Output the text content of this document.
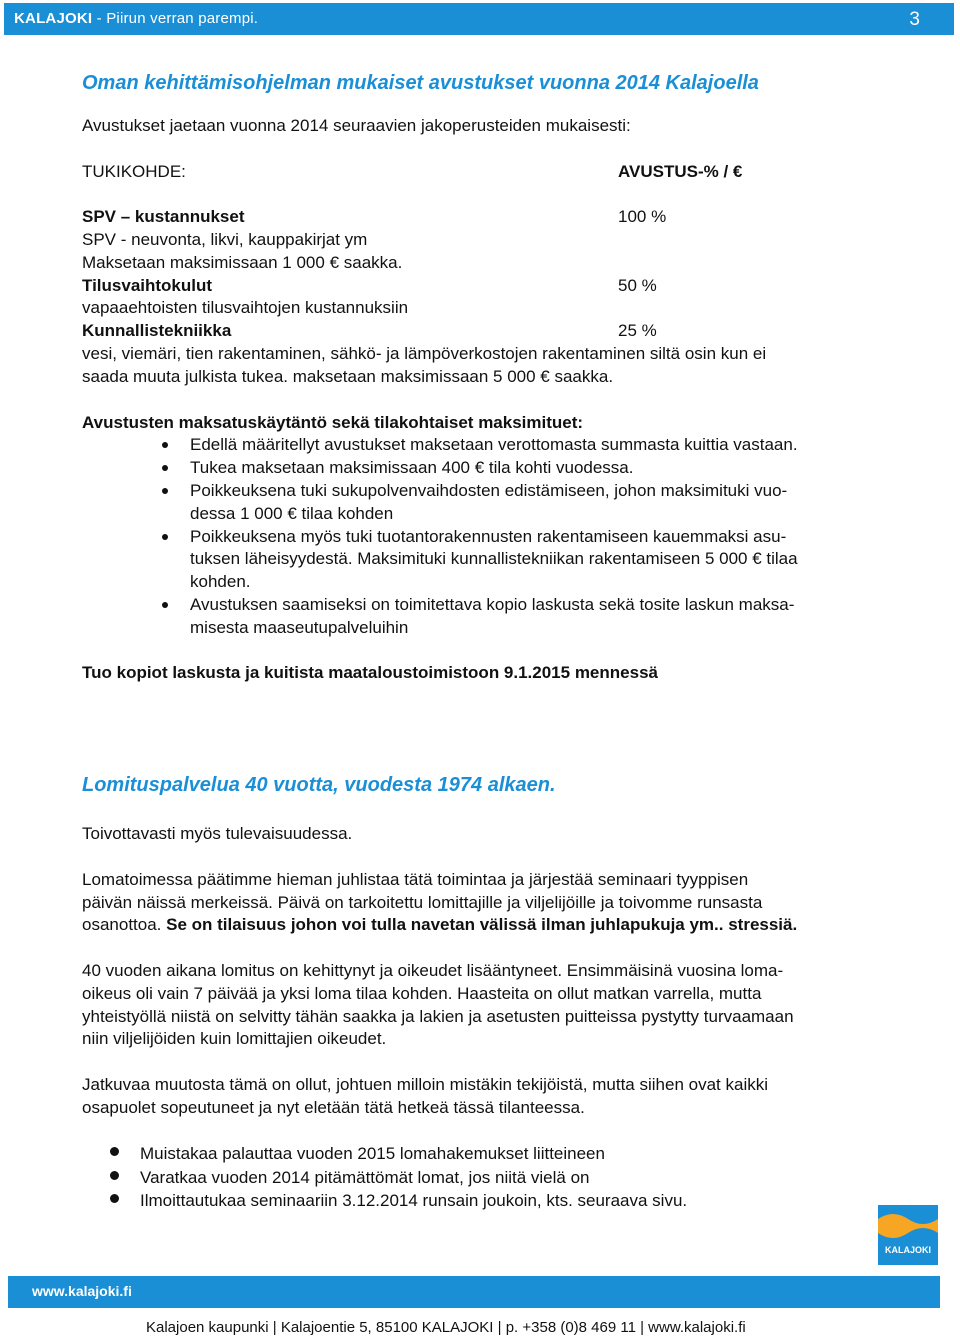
KALAJOKI - Piirun verran parempi.	3
Oman kehittämisohjelman mukaiset avustukset vuonna 2014 Kalajoella
Avustukset jaetaan vuonna 2014 seuraavien jakoperusteiden mukaisesti:
TUKIKOHDE:	AVUSTUS-% / €
SPV – kustannukset	100 %
SPV - neuvonta, likvi, kauppakirjat ym
Maksetaan maksimissaan 1 000 € saakka.
Tilusvaihtokulut	50 %
vapaaehtoisten tilusvaihtojen kustannuksiin
Kunnallistekniikka	25 %
vesi, viemäri, tien rakentaminen, sähkö- ja lämpöverkostojen rakentaminen siltä osin kun ei
saada muuta julkista tukea. maksetaan maksimissaan 5 000 € saakka.
Avustusten maksatuskäytäntö sekä tilakohtaiset maksimituet:
Edellä määritellyt avustukset maksetaan verottomasta summasta kuittia vastaan.
Tukea maksetaan maksimissaan 400 € tila kohti vuodessa.
Poikkeuksena tuki sukupolvenvaihdosten edistämiseen, johon maksimituki vuo-
dessa 1 000 € tilaa kohden
Poikkeuksena myös tuki tuotantorakennusten rakentamiseen kauemmaksi asu-
tuksen läheisyydestä. Maksimituki kunnallistekniikan rakentamiseen 5 000 € tilaa
kohden.
Avustuksen saamiseksi on toimitettava kopio laskusta sekä tosite laskun maksa-
misesta maaseutupalveluihin
Tuo kopiot laskusta ja kuitista maataloustoimistoon 9.1.2015 mennessä
Lomituspalvelua 40 vuotta, vuodesta 1974 alkaen.
Toivottavasti myös tulevaisuudessa.
Lomatoimessa päätimme hieman juhlistaa tätä toimintaa ja järjestää seminaari tyyppisen
päivän näissä merkeissä. Päivä on tarkoitettu lomittajille ja viljelijöille ja toivomme runsasta
osanottoa. Se on tilaisuus johon voi tulla navetan välissä ilman juhlapukuja ym.. stressiä.
40 vuoden aikana lomitus on kehittynyt ja oikeudet lisääntyneet. Ensimmäisinä vuosina loma-
oikeus oli vain 7 päivää ja yksi loma tilaa kohden. Haasteita on ollut matkan varrella, mutta
yhteistyöllä niistä on selvitty tähän saakka ja lakien ja asetusten puitteissa pystytty turvaamaan
niin viljelijöiden kuin lomittajien oikeudet.
Jatkuvaa muutosta tämä on ollut, johtuen milloin mistäkin tekijöistä, mutta siihen ovat kaikki
osapuolet sopeutuneet ja nyt eletään tätä hetkeä tässä tilanteessa.
Muistakaa palauttaa vuoden 2015 lomahakemukset liitteineen
Varatkaa vuoden 2014 pitämättömät lomat, jos niitä vielä on
Ilmoittautukaa seminaariin 3.12.2014 runsain joukoin, kts. seuraava sivu.
KALAJOKI
www.kalajoki.fi
Kalajoen kaupunki | Kalajoentie 5, 85100 KALAJOKI | p. +358 (0)8 469 11 | www.kalajoki.fi
